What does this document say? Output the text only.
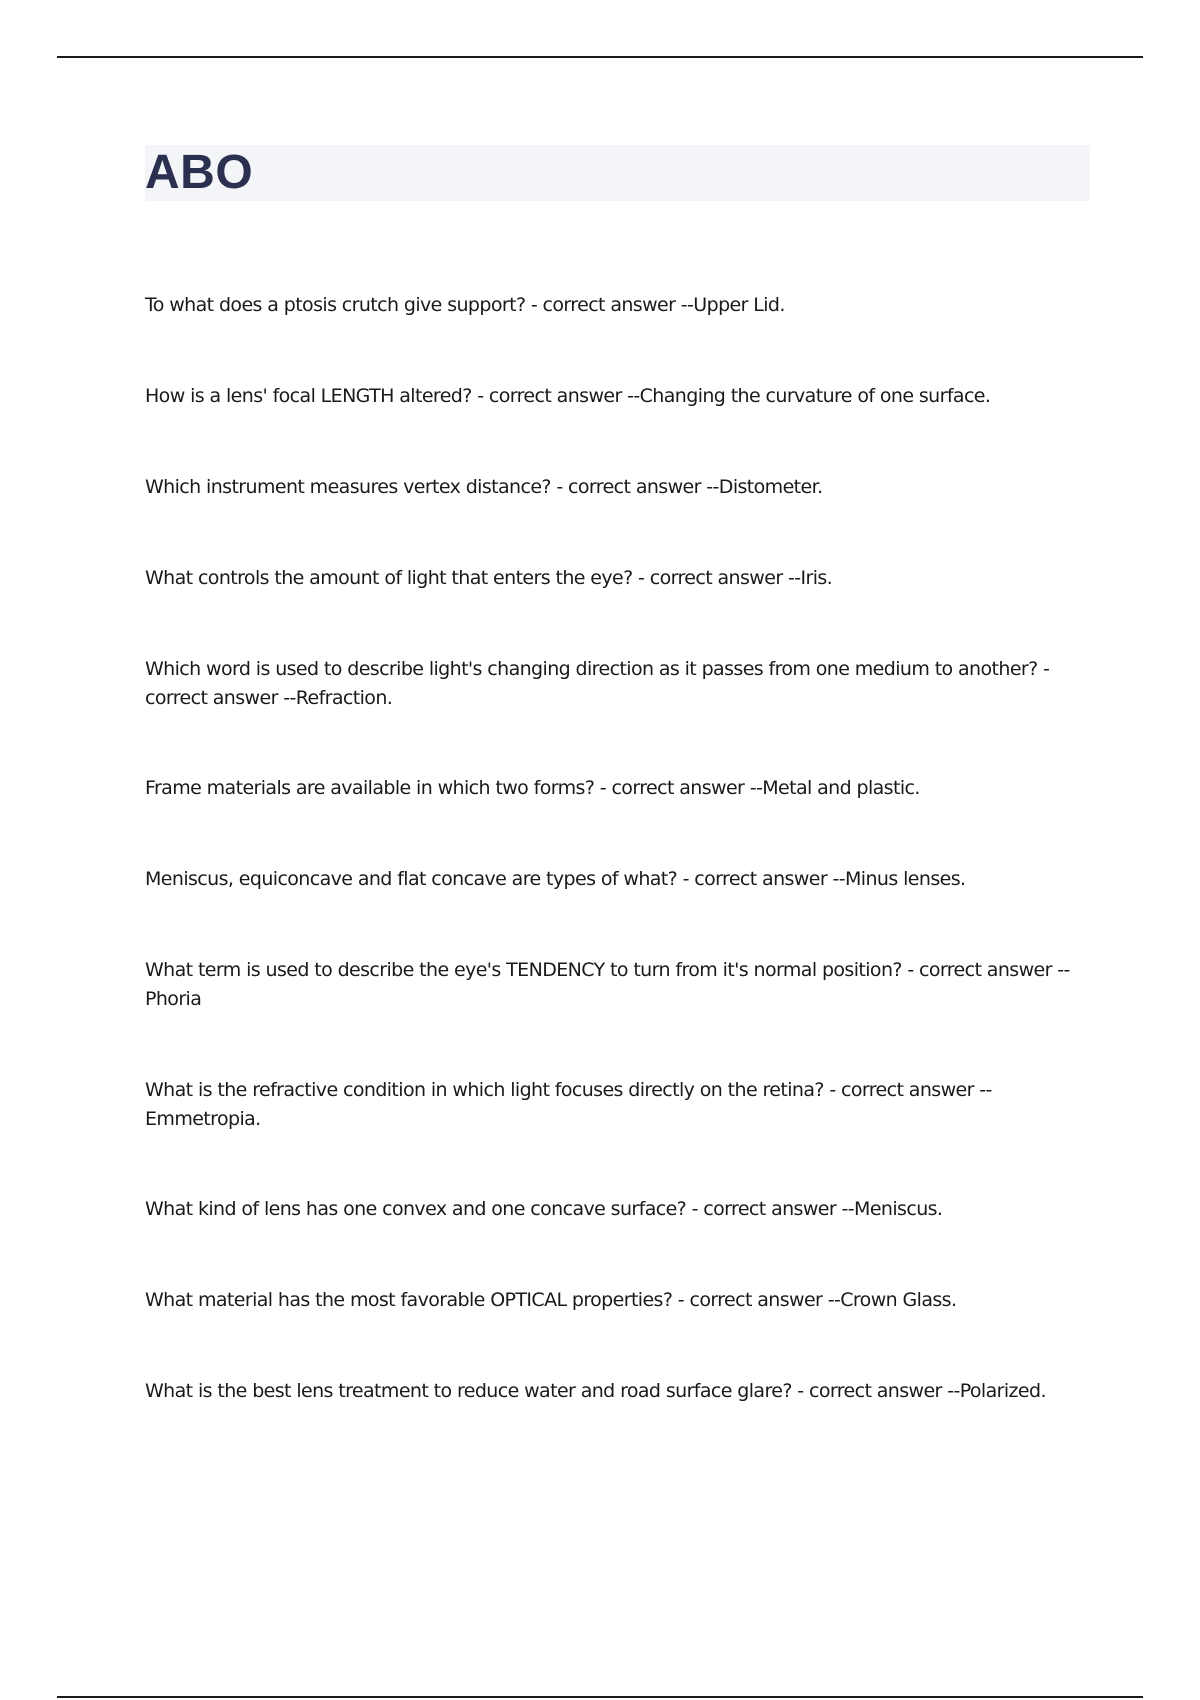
ABO

To what does a ptosis crutch give support? - correct answer --Upper Lid.

How is a lens' focal LENGTH altered? - correct answer --Changing the curvature of one surface.

Which instrument measures vertex distance? - correct answer --Distometer.

What controls the amount of light that enters the eye? - correct answer --Iris.

Which word is used to describe light's changing direction as it passes from one medium to another? - correct answer --Refraction.

Frame materials are available in which two forms? - correct answer --Metal and plastic.

Meniscus, equiconcave and flat concave are types of what? - correct answer --Minus lenses.

What term is used to describe the eye's TENDENCY to turn from it's normal position? - correct answer --Phoria

What is the refractive condition in which light focuses directly on the retina? - correct answer --Emmetropia.

What kind of lens has one convex and one concave surface? - correct answer --Meniscus.

What material has the most favorable OPTICAL properties? - correct answer --Crown Glass.

What is the best lens treatment to reduce water and road surface glare? - correct answer --Polarized.
